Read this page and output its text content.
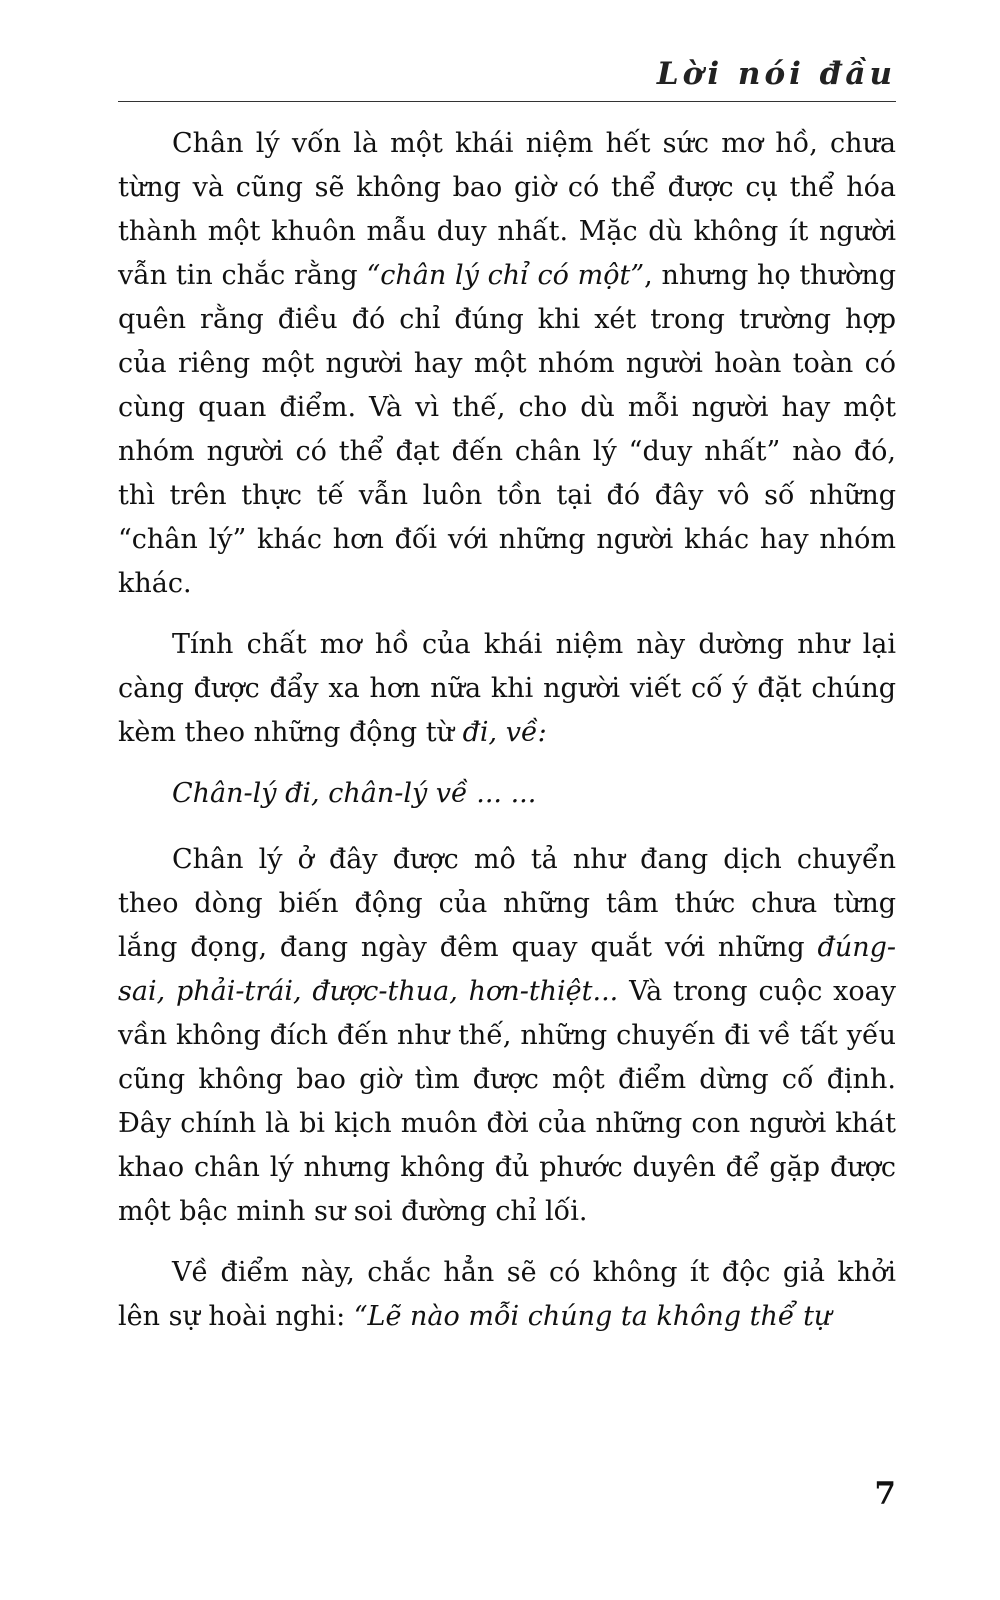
Lời nói đầu

Chân lý vốn là một khái niệm hết sức mơ hồ, chưa từng và cũng sẽ không bao giờ có thể được cụ thể hóa thành một khuôn mẫu duy nhất. Mặc dù không ít người vẫn tin chắc rằng “chân lý chỉ có một”, nhưng họ thường quên rằng điều đó chỉ đúng khi xét trong trường hợp của riêng một người hay một nhóm người hoàn toàn có cùng quan điểm. Và vì thế, cho dù mỗi người hay một nhóm người có thể đạt đến chân lý “duy nhất” nào đó, thì trên thực tế vẫn luôn tồn tại đó đây vô số những “chân lý” khác hơn đối với những người khác hay nhóm khác.

Tính chất mơ hồ của khái niệm này dường như lại càng được đẩy xa hơn nữa khi người viết cố ý đặt chúng kèm theo những động từ đi, về:

Chân-lý đi, chân-lý về ... ...

Chân lý ở đây được mô tả như đang dịch chuyển theo dòng biến động của những tâm thức chưa từng lắng đọng, đang ngày đêm quay quắt với những đúng-sai, phải-trái, được-thua, hơn-thiệt... Và trong cuộc xoay vần không đích đến như thế, những chuyến đi về tất yếu cũng không bao giờ tìm được một điểm dừng cố định. Đây chính là bi kịch muôn đời của những con người khát khao chân lý nhưng không đủ phước duyên để gặp được một bậc minh sư soi đường chỉ lối.

Về điểm này, chắc hẳn sẽ có không ít độc giả khởi lên sự hoài nghi: “Lẽ nào mỗi chúng ta không thể tự

7
